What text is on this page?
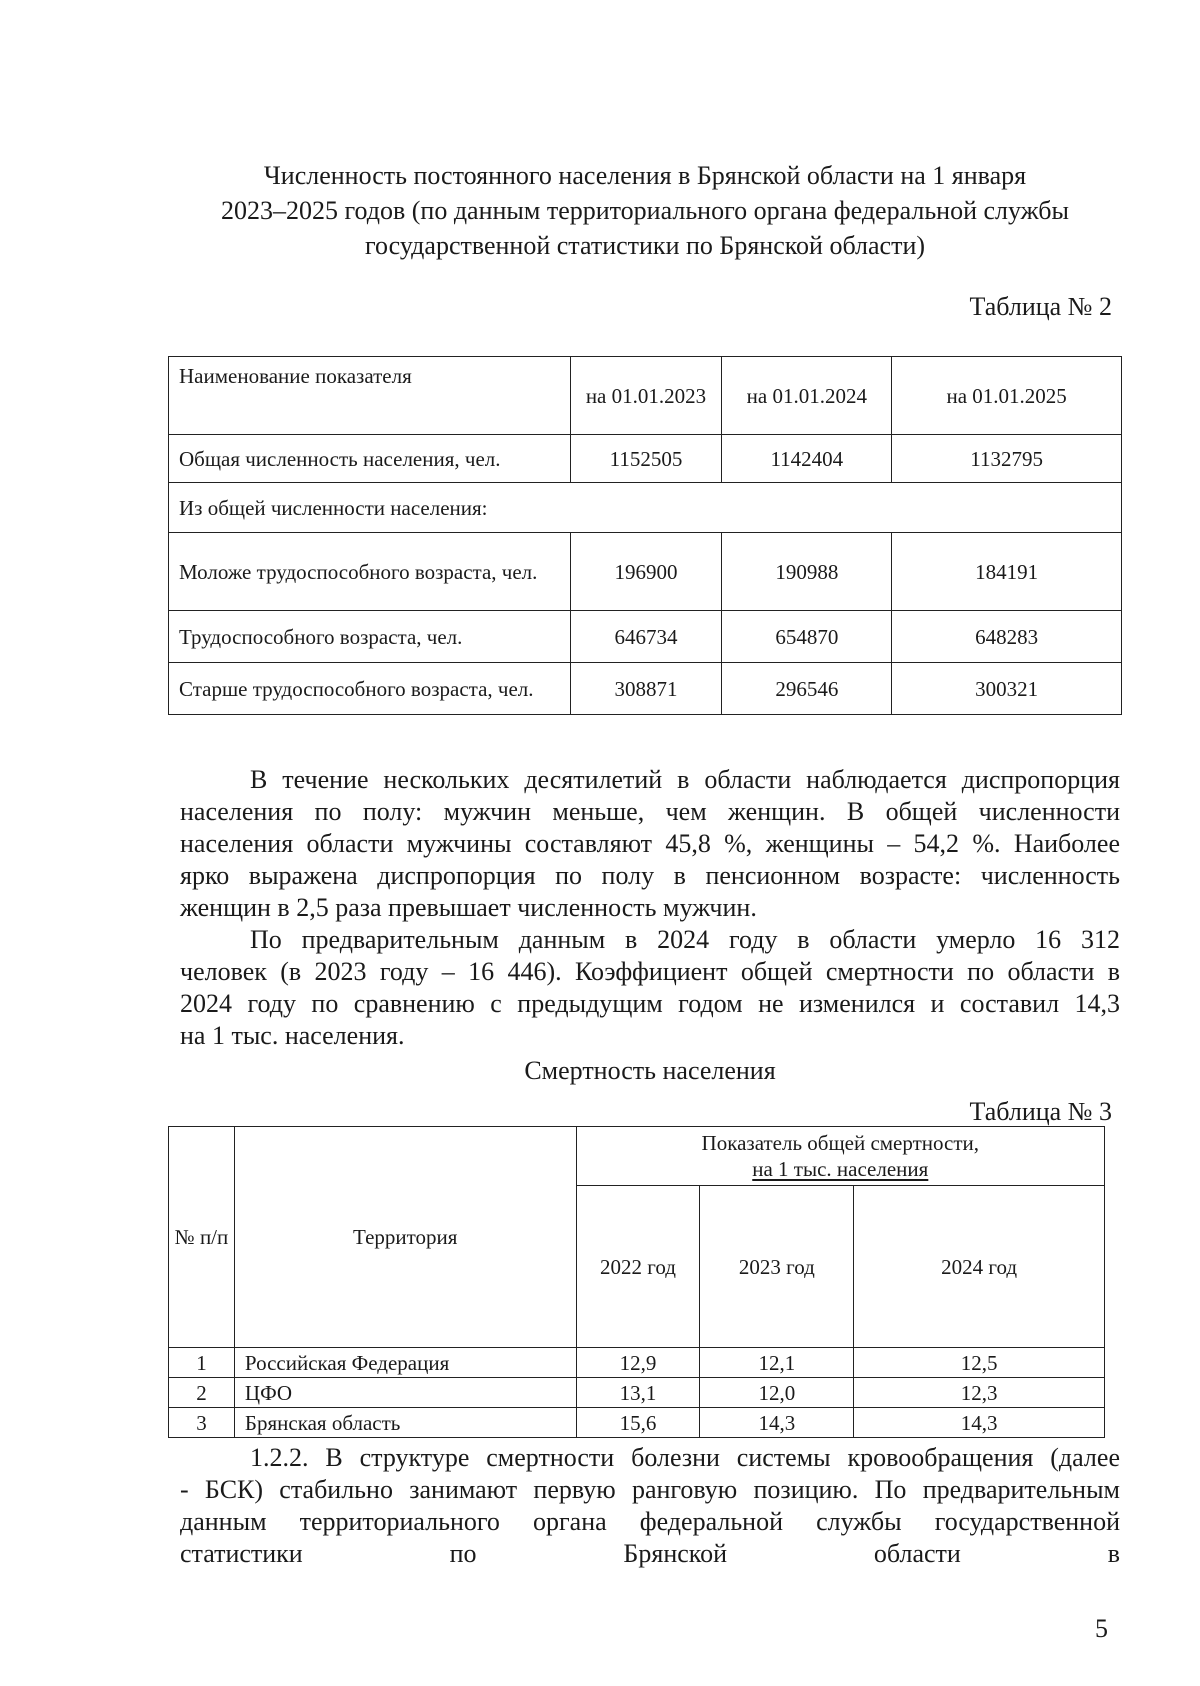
Численность постоянного населения в Брянской области на 1 января
2023–2025 годов (по данным территориального органа федеральной службы
государственной статистики по Брянской области)
Таблица № 2
Наименование показателя	на 01.01.2023	на 01.01.2024	на 01.01.2025
Общая численность населения, чел.	1152505	1142404	1132795
Из общей численности населения:			
Моложе трудоспособного возраста, чел.	196900	190988	184191
Трудоспособного возраста, чел.	646734	654870	648283
Старше трудоспособного возраста, чел.	308871	296546	300321
В течение нескольких десятилетий в области наблюдается диспропорция
населения по полу: мужчин меньше, чем женщин. В общей численности
населения области мужчины составляют 45,8 %, женщины – 54,2 %. Наиболее
ярко выражена диспропорция по полу в пенсионном возрасте: численность
женщин в 2,5 раза превышает численность мужчин.
По предварительным данным в 2024 году в области умерло 16 312
человек (в 2023 году – 16 446). Коэффициент общей смертности по области в
2024 году по сравнению с предыдущим годом не изменился и составил 14,3
на 1 тыс. населения.
Смертность населения
Таблица № 3
№ п/п	Территория	Показатель общей смертности,
на 1 тыс. населения		

		2022 год	2023 год	2024 год
1	Российская Федерация	12,9	12,1	12,5
2	ЦФО	13,1	12,0	12,3
3	Брянская область	15,6	14,3	14,3
1.2.2. В структуре смертности болезни системы кровообращения (далее
- БСК) стабильно занимают первую ранговую позицию. По предварительным
данным территориального органа федеральной службы государственной
статистики по Брянской области в
5
